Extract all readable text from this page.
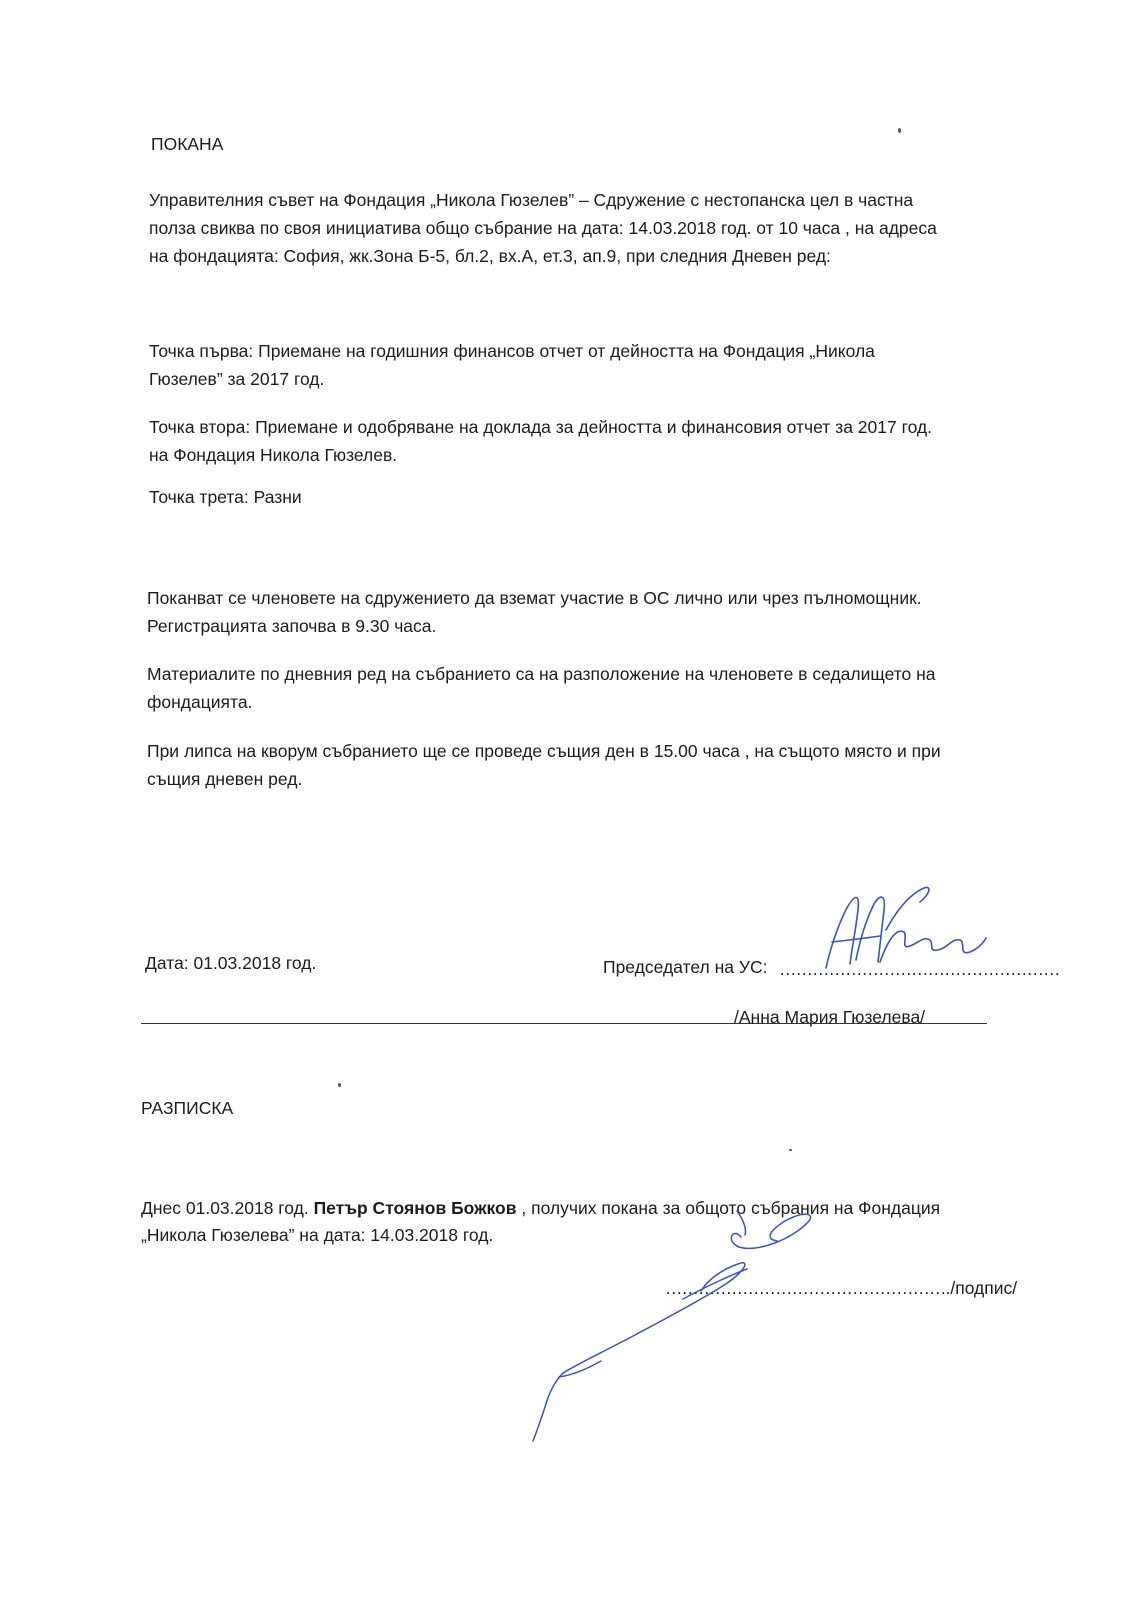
ПОКАНА

Управителния съвет на Фондация „Никола Гюзелев” – Сдружение с нестопанска цел в частна

полза свиква по своя инициатива общо събрание на дата: 14.03.2018 год. от 10 часа , на адреса

на фондацията: София, жк.Зона Б-5, бл.2, вх.А, ет.3, ап.9, при следния Дневен ред:

Точка първа: Приемане на годишния финансов отчет от дейността на Фондация „Никола

Гюзелев” за 2017 год.

Точка втора: Приемане и одобряване на доклада за дейността и финансовия отчет за 2017 год.

на Фондация Никола Гюзелев.

Точка трета: Разни

Поканват се членовете на сдружението да вземат участие в ОС лично или чрез пълномощник.

Регистрацията започва в 9.30 часа.

Материалите по дневния ред на събранието са на разположение на членовете в седалището на

фондацията.

При липса на кворум събранието ще се проведе същия ден в 15.00 часа , на същото място и при

същия дневен ред.

Дата: 01.03.2018 год.	Председател на УС: ……………………………………………
/Анна Мария Гюзелева/
РАЗПИСКА
Днес 01.03.2018 год. Петър Стоянов Божков , получих покана за общото събрания на Фондация
„Никола Гюзелева” на дата: 14.03.2018 год.
……………………………………………./подпис/
